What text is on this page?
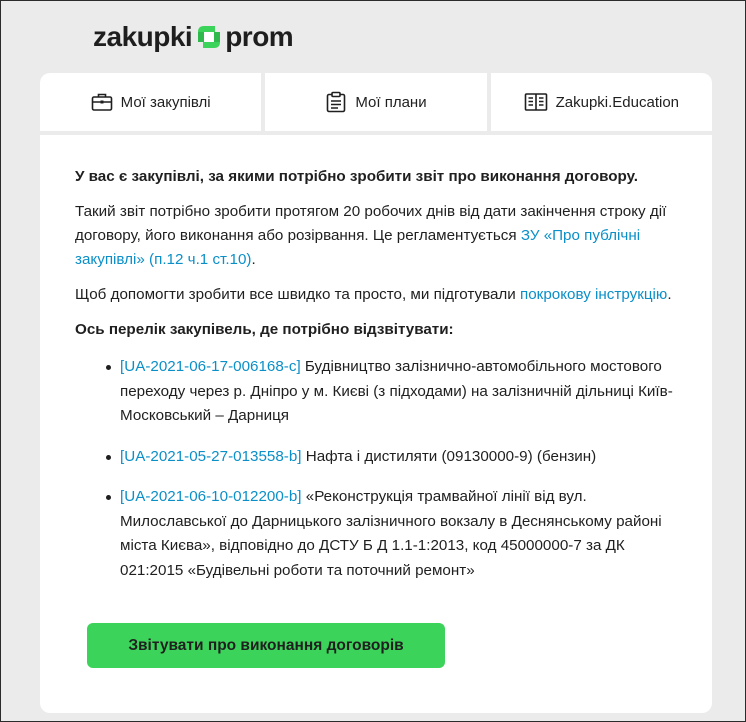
zakupki prom
Мої закупівлі	Мої плани	Zakupki.Education

У вас є закупівлі, за якими потрібно зробити звіт про виконання договору.

Такий звіт потрібно зробити протягом 20 робочих днів від дати закінчення строку дії договору, його виконання або розірвання. Це регламентується ЗУ «Про публічні закупівлі» (п.12 ч.1 ст.10).

Щоб допомогти зробити все швидко та просто, ми підготували покрокову інструкцію.

Ось перелік закупівель, де потрібно відзвітувати:

[UA-2021-06-17-006168-c] Будівництво залізнично-автомобільного мостового переходу через р. Дніпро у м. Києві (з підходами) на залізничній дільниці Київ-Московський – Дарниця
[UA-2021-05-27-013558-b] Нафта і дистиляти (09130000-9) (бензин)
[UA-2021-06-10-012200-b] «Реконструкція трамвайної лінії від вул. Милославської до Дарницького залізничного вокзалу в Деснянському районі міста Києва», відповідно до ДСТУ Б Д 1.1-1:2013, код 45000000-7 за ДК 021:2015 «Будівельні роботи та поточний ремонт»
Звітувати про виконання договорів
